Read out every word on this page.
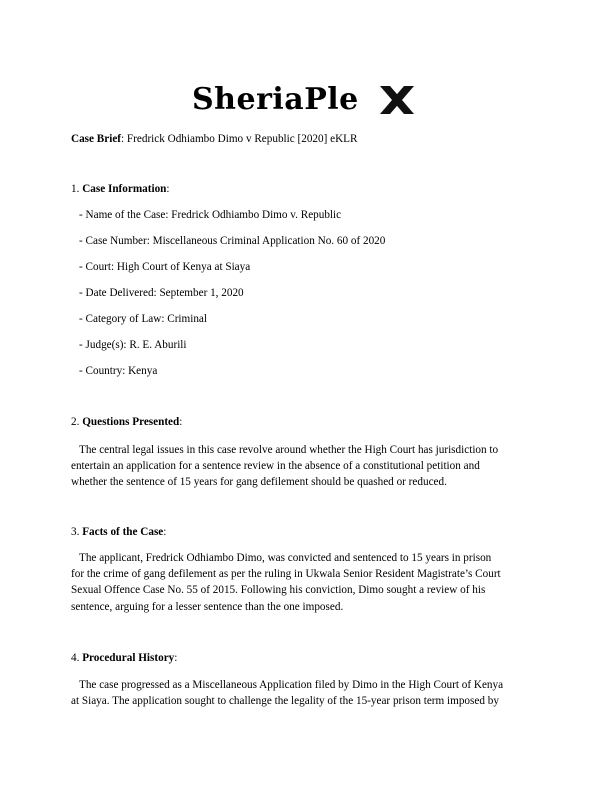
SheriaPle
Case Brief: Fredrick Odhiambo Dimo v Republic [2020] eKLR
1. Case Information:
- Name of the Case: Fredrick Odhiambo Dimo v. Republic
- Case Number: Miscellaneous Criminal Application No. 60 of 2020
- Court: High Court of Kenya at Siaya
- Date Delivered: September 1, 2020
- Category of Law: Criminal
- Judge(s): R. E. Aburili
- Country: Kenya
2. Questions Presented:
The central legal issues in this case revolve around whether the High Court has jurisdiction to
entertain an application for a sentence review in the absence of a constitutional petition and
whether the sentence of 15 years for gang defilement should be quashed or reduced.
3. Facts of the Case:
The applicant, Fredrick Odhiambo Dimo, was convicted and sentenced to 15 years in prison
for the crime of gang defilement as per the ruling in Ukwala Senior Resident Magistrate’s Court
Sexual Offence Case No. 55 of 2015. Following his conviction, Dimo sought a review of his
sentence, arguing for a lesser sentence than the one imposed.
4. Procedural History:
The case progressed as a Miscellaneous Application filed by Dimo in the High Court of Kenya
at Siaya. The application sought to challenge the legality of the 15-year prison term imposed by
